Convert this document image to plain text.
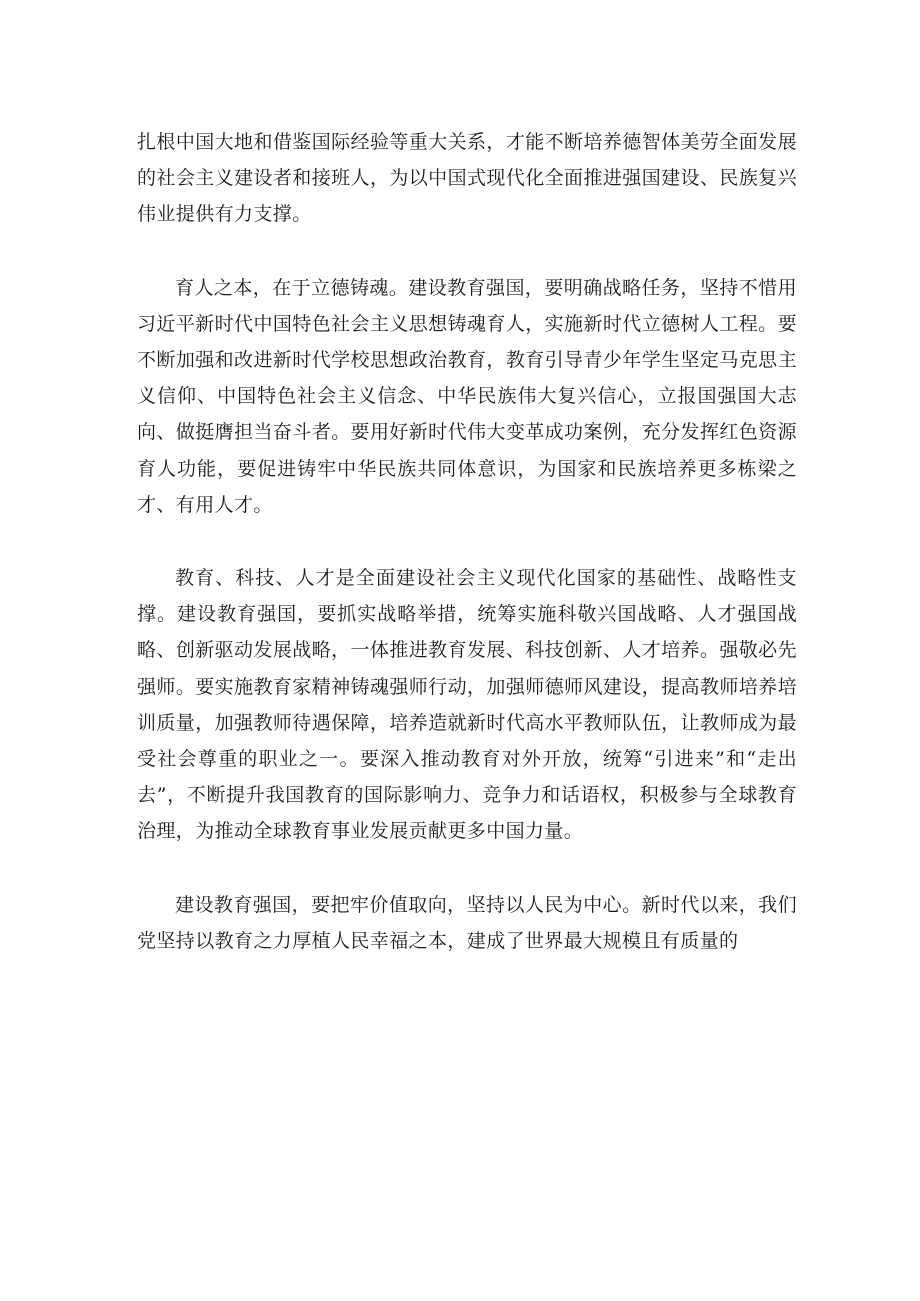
扎根中国大地和借鉴国际经验等重大关系，才能不断培养德智体美劳全面发展的社会主义建设者和接班人，为以中国式现代化全面推进强国建设、民族复兴伟业提供有力支撑。

育人之本，在于立德铸魂。建设教育强国，要明确战略任务，坚持不惜用习近平新时代中国特色社会主义思想铸魂育人，实施新时代立德树人工程。要不断加强和改进新时代学校思想政治教育，教育引导青少年学生坚定马克思主义信仰、中国特色社会主义信念、中华民族伟大复兴信心，立报国强国大志向、做挺膺担当奋斗者。要用好新时代伟大变革成功案例，充分发挥红色资源育人功能，要促进铸牢中华民族共同体意识，为国家和民族培养更多栋梁之才、有用人才。

教育、科技、人才是全面建设社会主义现代化国家的基础性、战略性支撑。建设教育强国，要抓实战略举措，统筹实施科敬兴国战略、人才强国战略、创新驱动发展战略，一体推进教育发展、科技创新、人才培养。强敬必先强师。要实施教育家精神铸魂强师行动，加强师德师风建设，提高教师培养培训质量，加强教师待遇保障，培养造就新时代高水平教师队伍，让教师成为最受社会尊重的职业之一。要深入推动教育对外开放，统筹“引进来”和“走出去”，不断提升我国教育的国际影响力、竞争力和话语权，积极参与全球教育治理，为推动全球教育事业发展贡献更多中国力量。

建设教育强国，要把牢价值取向，坚持以人民为中心。新时代以来，我们党坚持以教育之力厚植人民幸福之本，建成了世界最大规模且有质量的
